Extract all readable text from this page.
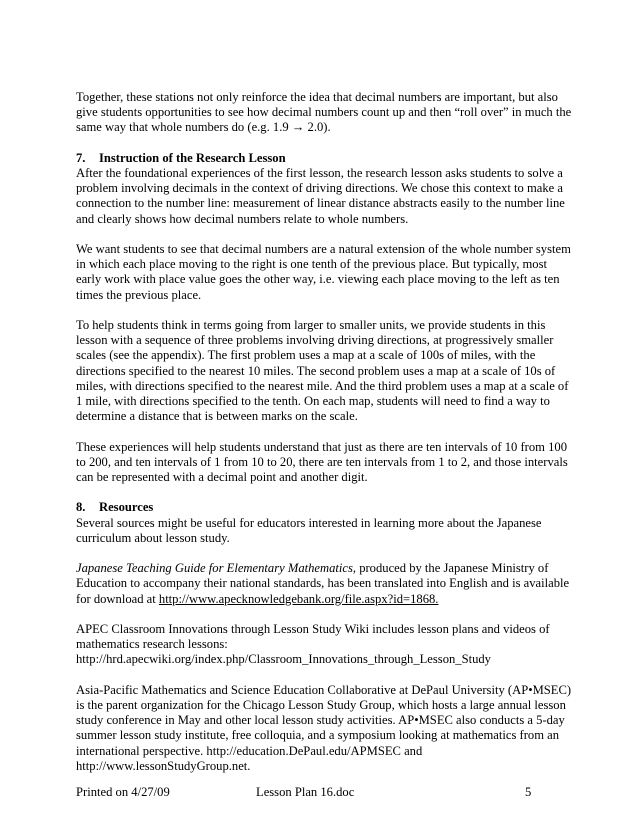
Together, these stations not only reinforce the idea that decimal numbers are important, but also give students opportunities to see how decimal numbers count up and then “roll over” in much the same way that whole numbers do (e.g. 1.9 → 2.0).

7. Instruction of the Research Lesson

After the foundational experiences of the first lesson, the research lesson asks students to solve a problem involving decimals in the context of driving directions. We chose this context to make a connection to the number line: measurement of linear distance abstracts easily to the number line and clearly shows how decimal numbers relate to whole numbers.

We want students to see that decimal numbers are a natural extension of the whole number system in which each place moving to the right is one tenth of the previous place. But typically, most early work with place value goes the other way, i.e. viewing each place moving to the left as ten times the previous place.

To help students think in terms going from larger to smaller units, we provide students in this lesson with a sequence of three problems involving driving directions, at progressively smaller scales (see the appendix). The first problem uses a map at a scale of 100s of miles, with the directions specified to the nearest 10 miles. The second problem uses a map at a scale of 10s of miles, with directions specified to the nearest mile. And the third problem uses a map at a scale of 1 mile, with directions specified to the tenth. On each map, students will need to find a way to determine a distance that is between marks on the scale.

These experiences will help students understand that just as there are ten intervals of 10 from 100 to 200, and ten intervals of 1 from 10 to 20, there are ten intervals from 1 to 2, and those intervals can be represented with a decimal point and another digit.

8. Resources

Several sources might be useful for educators interested in learning more about the Japanese curriculum about lesson study.

Japanese Teaching Guide for Elementary Mathematics, produced by the Japanese Ministry of Education to accompany their national standards, has been translated into English and is available for download at http://www.apecknowledgebank.org/file.aspx?id=1868.

APEC Classroom Innovations through Lesson Study Wiki includes lesson plans and videos of mathematics research lessons:
http://hrd.apecwiki.org/index.php/Classroom_Innovations_through_Lesson_Study

Asia-Pacific Mathematics and Science Education Collaborative at DePaul University (AP•MSEC) is the parent organization for the Chicago Lesson Study Group, which hosts a large annual lesson study conference in May and other local lesson study activities. AP•MSEC also conducts a 5-day summer lesson study institute, free colloquia, and a symposium looking at mathematics from an international perspective. http://education.DePaul.edu/APMSEC and http://www.lessonStudyGroup.net.

Printed on 4/27/09	Lesson Plan 16.doc	5
